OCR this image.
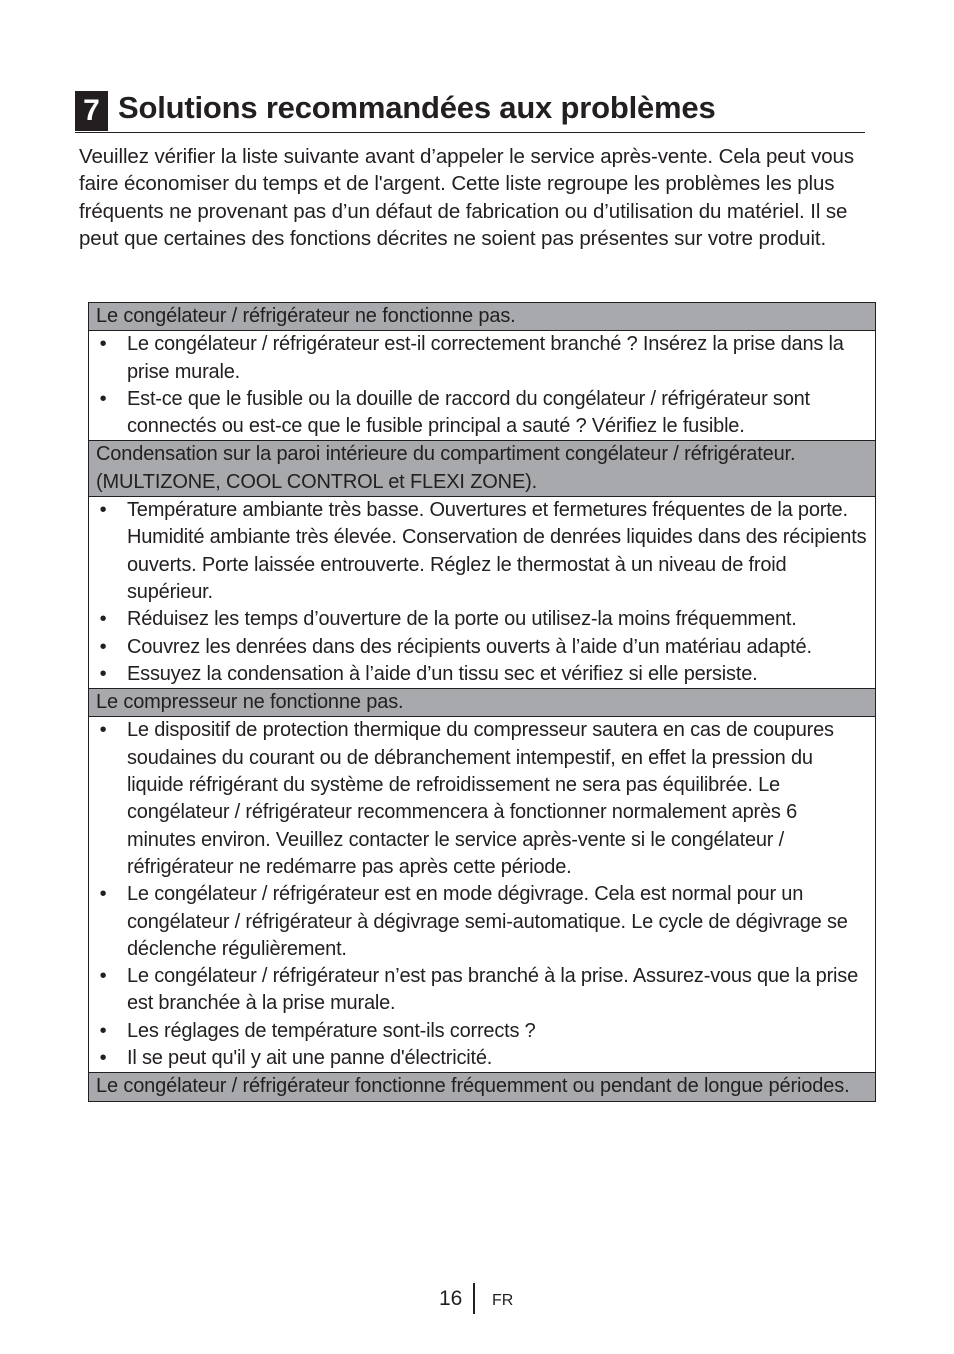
7 Solutions recommandées aux problèmes

Veuillez vérifier la liste suivante avant d’appeler le service après-vente. Cela peut vous faire économiser du temps et de l'argent. Cette liste regroupe les problèmes les plus fréquents ne provenant pas d’un défaut de fabrication ou d’utilisation du matériel. Il se peut que certaines des fonctions décrites ne soient pas présentes sur votre produit.

Le congélateur / réfrigérateur ne fonctionne pas.

• Le congélateur / réfrigérateur est-il correctement branché ? Insérez la prise dans la prise murale.
• Est-ce que le fusible ou la douille de raccord du congélateur / réfrigérateur sont connectés ou est-ce que le fusible principal a sauté ? Vérifiez le fusible.

Condensation sur la paroi intérieure du compartiment congélateur / réfrigérateur. (MULTIZONE, COOL CONTROL et FLEXI ZONE).

• Température ambiante très basse. Ouvertures et fermetures fréquentes de la porte. Humidité ambiante très élevée. Conservation de denrées liquides dans des récipients ouverts. Porte laissée entrouverte. Réglez le thermostat à un niveau de froid supérieur.
• Réduisez les temps d’ouverture de la porte ou utilisez-la moins fréquemment.
• Couvrez les denrées dans des récipients ouverts à l’aide d’un matériau adapté.
• Essuyez la condensation à l’aide d’un tissu sec et vérifiez si elle persiste.

Le compresseur ne fonctionne pas.

• Le dispositif de protection thermique du compresseur sautera en cas de coupures soudaines du courant ou de débranchement intempestif, en effet la pression du liquide réfrigérant du système de refroidissement ne sera pas équilibrée. Le congélateur / réfrigérateur recommencera à fonctionner normalement après 6 minutes environ. Veuillez contacter le service après-vente si le congélateur / réfrigérateur ne redémarre pas après cette période.
• Le congélateur / réfrigérateur est en mode dégivrage. Cela est normal pour un congélateur / réfrigérateur à dégivrage semi-automatique. Le cycle de dégivrage se déclenche régulièrement.
• Le congélateur / réfrigérateur n’est pas branché à la prise. Assurez-vous que la prise est branchée à la prise murale.
• Les réglages de température sont-ils corrects ?
• Il se peut qu'il y ait une panne d'électricité.

Le congélateur / réfrigérateur fonctionne fréquemment ou pendant de longue périodes.
16 FR
